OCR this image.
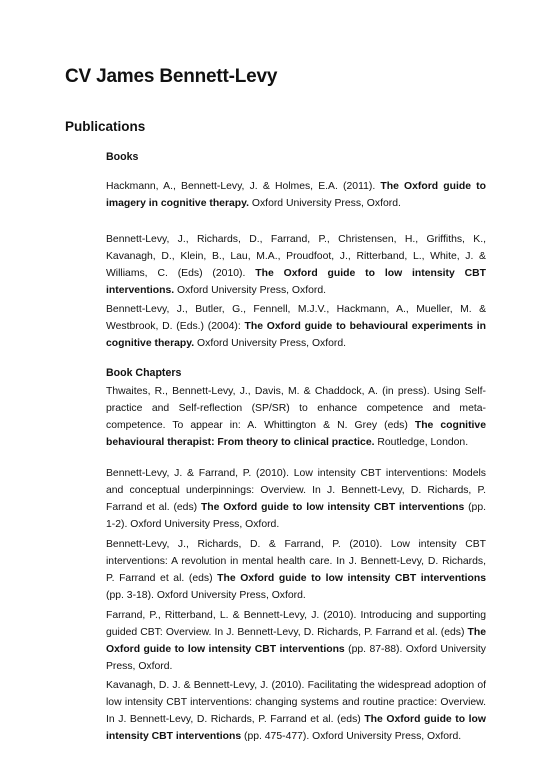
CV James Bennett-Levy
Publications

Books

Hackmann, A., Bennett-Levy, J. & Holmes, E.A. (2011). The Oxford guide to imagery in cognitive therapy. Oxford University Press, Oxford.

Bennett-Levy, J., Richards, D., Farrand, P., Christensen, H., Griffiths, K., Kavanagh, D., Klein, B., Lau, M.A., Proudfoot, J., Ritterband, L., White, J. & Williams, C. (Eds) (2010). The Oxford guide to low intensity CBT interventions. Oxford University Press, Oxford.

Bennett-Levy, J., Butler, G., Fennell, M.J.V., Hackmann, A., Mueller, M. & Westbrook, D. (Eds.) (2004): The Oxford guide to behavioural experiments in cognitive therapy. Oxford University Press, Oxford.

Book Chapters

Thwaites, R., Bennett-Levy, J., Davis, M. & Chaddock, A. (in press). Using Self-practice and Self-reflection (SP/SR) to enhance competence and meta-competence. To appear in: A. Whittington & N. Grey (eds) The cognitive behavioural therapist: From theory to clinical practice. Routledge, London.

Bennett-Levy, J. & Farrand, P. (2010). Low intensity CBT interventions: Models and conceptual underpinnings: Overview. In J. Bennett-Levy, D. Richards, P. Farrand et al. (eds) The Oxford guide to low intensity CBT interventions (pp. 1-2). Oxford University Press, Oxford.

Bennett-Levy, J., Richards, D. & Farrand, P. (2010). Low intensity CBT interventions: A revolution in mental health care. In J. Bennett-Levy, D. Richards, P. Farrand et al. (eds) The Oxford guide to low intensity CBT interventions (pp. 3-18). Oxford University Press, Oxford.

Farrand, P., Ritterband, L. & Bennett-Levy, J. (2010). Introducing and supporting guided CBT: Overview. In J. Bennett-Levy, D. Richards, P. Farrand et al. (eds) The Oxford guide to low intensity CBT interventions (pp. 87-88). Oxford University Press, Oxford.

Kavanagh, D. J. & Bennett-Levy, J. (2010). Facilitating the widespread adoption of low intensity CBT interventions: changing systems and routine practice: Overview. In J. Bennett-Levy, D. Richards, P. Farrand et al. (eds) The Oxford guide to low intensity CBT interventions (pp. 475-477). Oxford University Press, Oxford.
